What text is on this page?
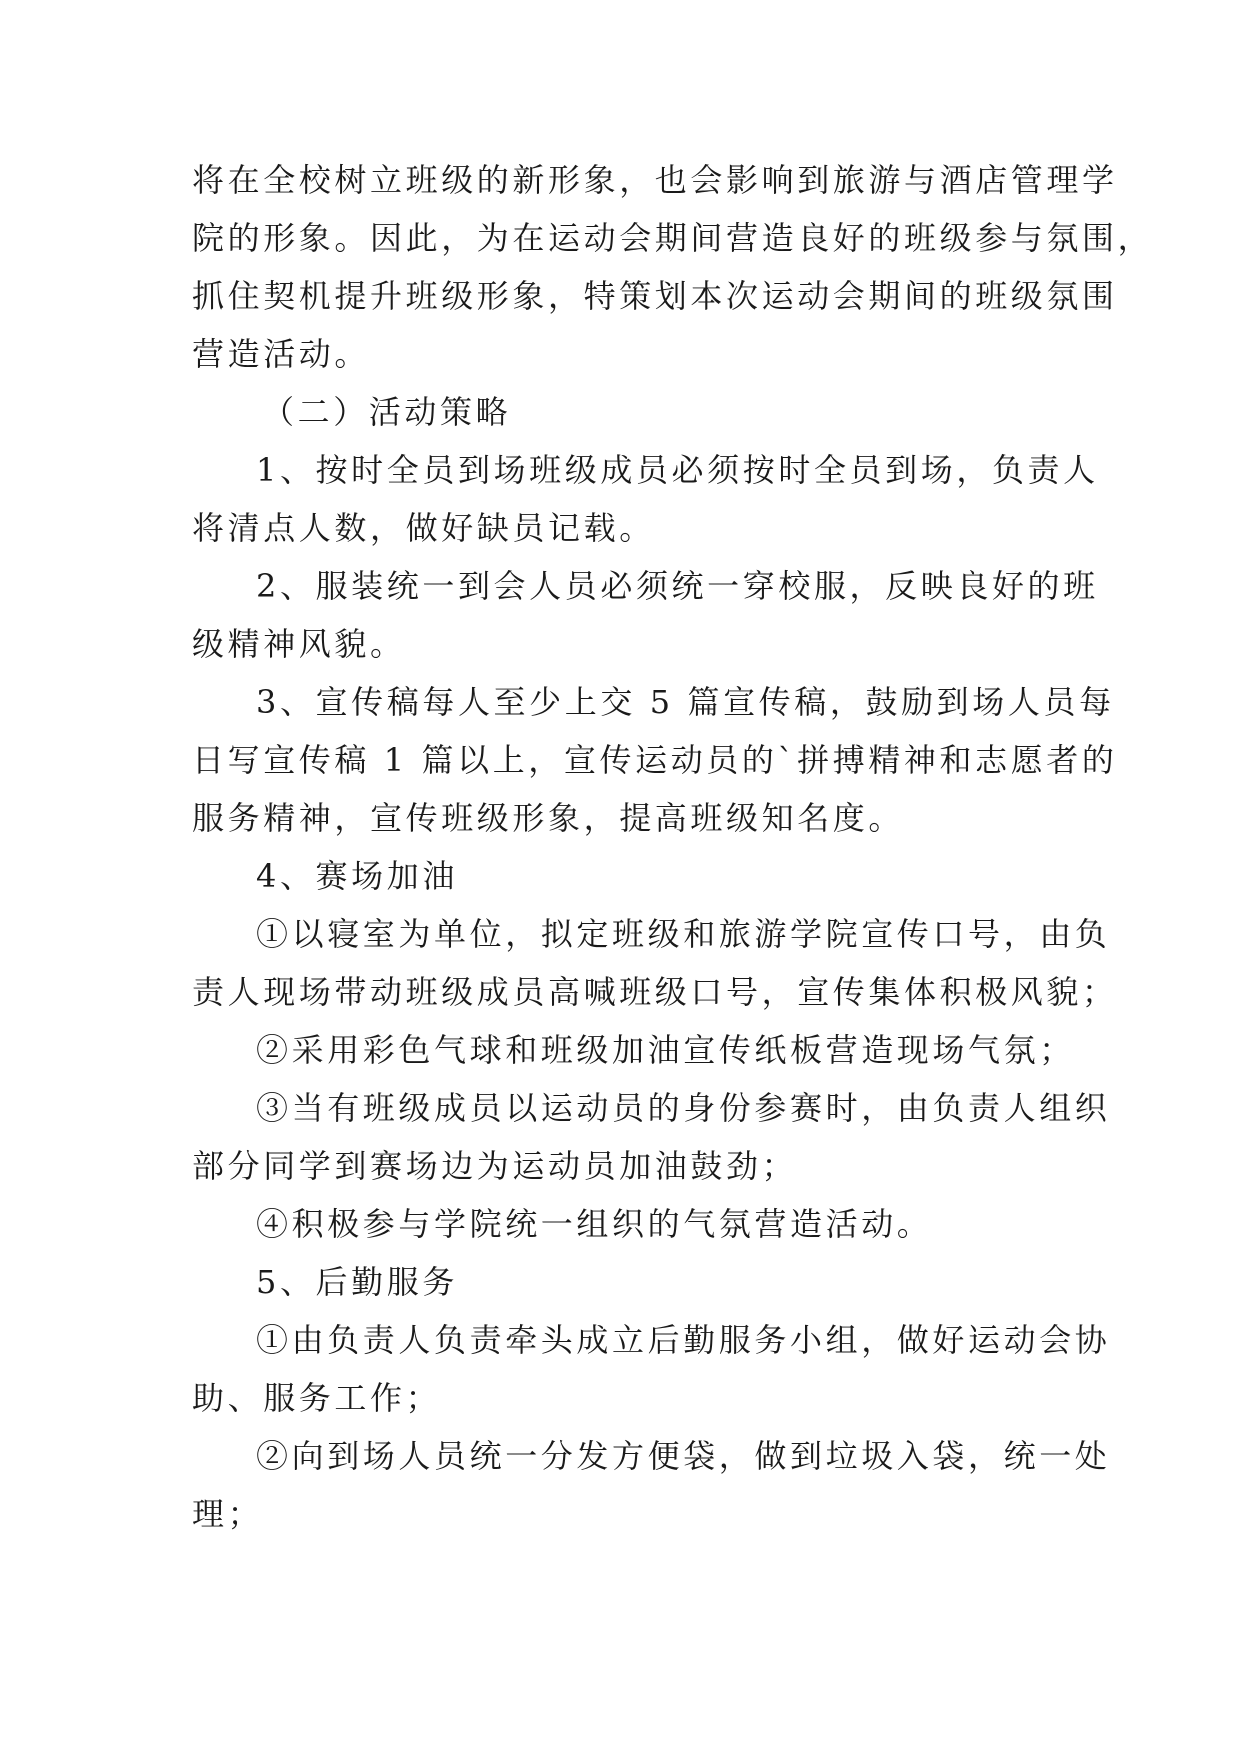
将在全校树立班级的新形象，也会影响到旅游与酒店管理学
院的形象。因此，为在运动会期间营造良好的班级参与氛围，
抓住契机提升班级形象，特策划本次运动会期间的班级氛围
营造活动。
（二）活动策略
1、按时全员到场班级成员必须按时全员到场，负责人
将清点人数，做好缺员记载。
2、服装统一到会人员必须统一穿校服，反映良好的班
级精神风貌。
3、宣传稿每人至少上交 5 篇宣传稿，鼓励到场人员每
日写宣传稿 1 篇以上，宣传运动员的`拼搏精神和志愿者的
服务精神，宣传班级形象，提高班级知名度。
4、赛场加油
①以寝室为单位，拟定班级和旅游学院宣传口号，由负
责人现场带动班级成员高喊班级口号，宣传集体积极风貌；
②采用彩色气球和班级加油宣传纸板营造现场气氛；
③当有班级成员以运动员的身份参赛时，由负责人组织
部分同学到赛场边为运动员加油鼓劲；
④积极参与学院统一组织的气氛营造活动。
5、后勤服务
①由负责人负责牵头成立后勤服务小组，做好运动会协
助、服务工作；
②向到场人员统一分发方便袋，做到垃圾入袋，统一处
理；
